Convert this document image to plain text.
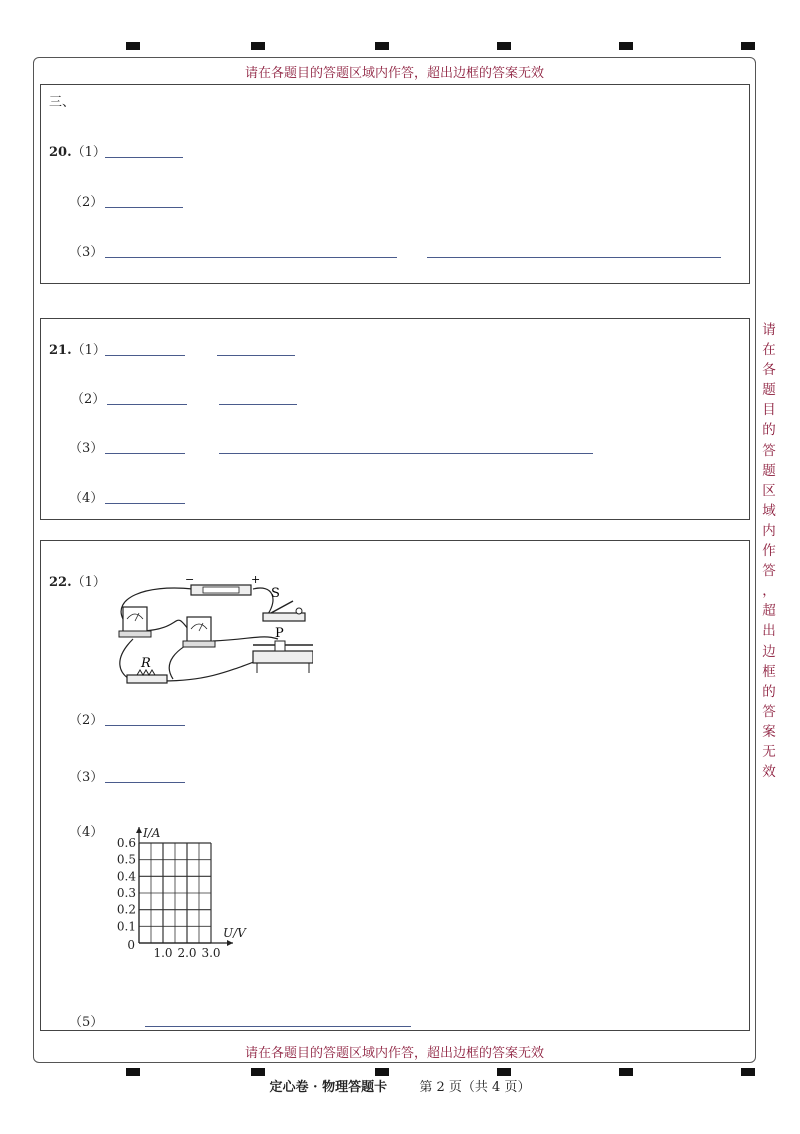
请在各题目的答题区域内作答，超出边框的答案无效
请在各题目的答题区域内作答，超出边框的答案无效
请
在
各
题
目
的
答
题
区
域
内
作
答
，
超
出
边
框
的
答
案
无
效
三、
20.（1）
（2）
（3）
21.（1）
（2）
（3）
（4）
22.（1）	−	+
S
P
R
（2）
（3）
（4）
0.1
0.2
0.3
0.4
0.5
0.6
1.0 2.0 3.0
0
I/A
U/V
（5）
定心卷 · 物理答题卡 第 2 页（共 4 页）
